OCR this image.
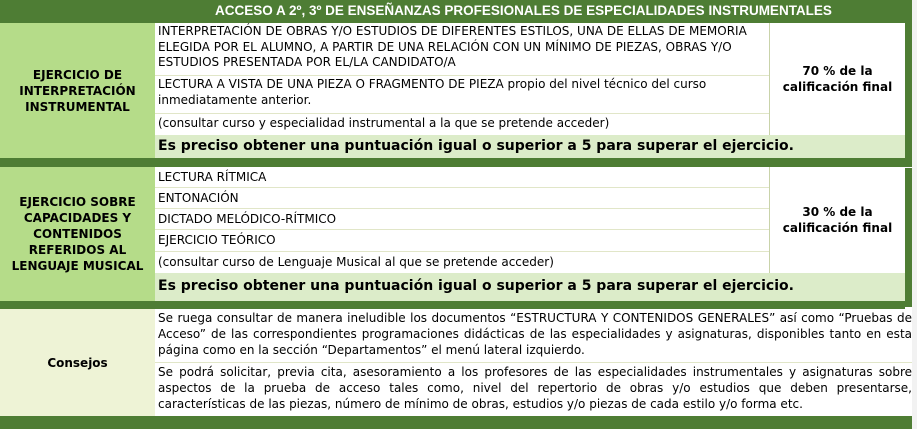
ACCESO A 2º, 3º DE ENSEÑANZAS PROFESIONALES DE ESPECIALIDADES INSTRUMENTALES
EJERCICIO DE INTERPRETACIÓN INSTRUMENTAL
INTERPRETACIÓN DE OBRAS Y/O ESTUDIOS DE DIFERENTES ESTILOS, UNA DE ELLAS DE MEMORIA ELEGIDA POR EL ALUMNO, A PARTIR DE UNA RELACIÓN CON UN MÍNIMO DE PIEZAS, OBRAS Y/O ESTUDIOS PRESENTADA POR EL/LA CANDIDATO/A
LECTURA A VISTA DE UNA PIEZA O FRAGMENTO DE PIEZA propio del nivel técnico del curso inmediatamente anterior.
(consultar curso y especialidad instrumental a la que se pretende acceder)
70 % de la calificación final
Es preciso obtener una puntuación igual o superior a 5 para superar el ejercicio.
EJERCICIO SOBRE CAPACIDADES Y CONTENIDOS REFERIDOS AL LENGUAJE MUSICAL
LECTURA RÍTMICA
ENTONACIÓN
DICTADO MELÓDICO-RÍTMICO
EJERCICIO TEÓRICO
(consultar curso de Lenguaje Musical al que se pretende acceder)
30 % de la calificación final
Es preciso obtener una puntuación igual o superior a 5 para superar el ejercicio.
Consejos
Se ruega consultar de manera ineludible los documentos “ESTRUCTURA Y CONTENIDOS GENERALES” así como “Pruebas de Acceso” de las correspondientes programaciones didácticas de las especialidades y asignaturas, disponibles tanto en esta página como en la sección “Departamentos” el menú lateral izquierdo.
Se podrá solicitar, previa cita, asesoramiento a los profesores de las especialidades instrumentales y asignaturas sobre aspectos de la prueba de acceso tales como, nivel del repertorio de obras y/o estudios que deben presentarse, características de las piezas, número de mínimo de obras, estudios y/o piezas de cada estilo y/o forma etc.
